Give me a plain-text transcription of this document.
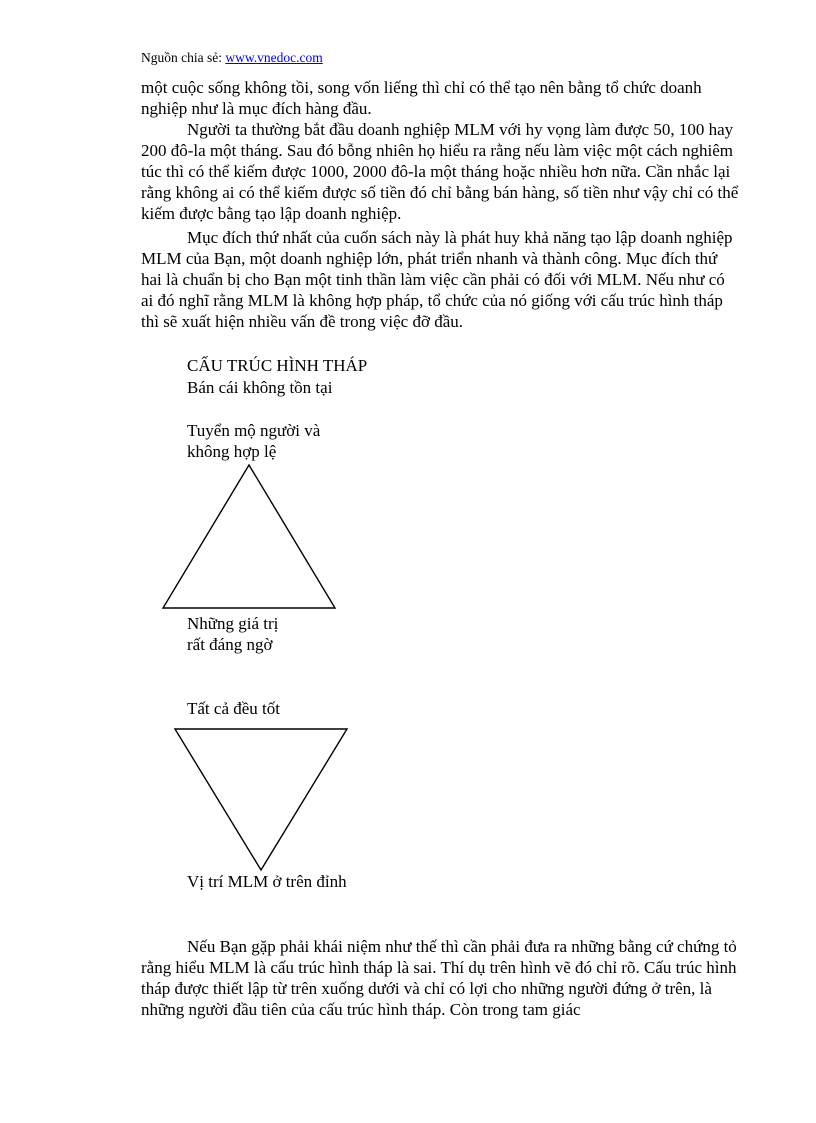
Nguồn chia sẻ: www.vnedoc.com

một cuộc sống không tồi, song vốn liếng thì chỉ có thể tạo nên bằng tổ chức doanh nghiệp như là mục đích hàng đầu.

Người ta thường bắt đầu doanh nghiệp MLM với hy vọng làm được 50, 100 hay 200 đô-la một tháng. Sau đó bỗng nhiên họ hiểu ra rằng nếu làm việc một cách nghiêm túc thì có thể kiếm được 1000, 2000 đô-la một tháng hoặc nhiều hơn nữa. Cần nhắc lại rằng không ai có thể kiếm được số tiền đó chỉ bằng bán hàng, số tiền như vậy chỉ có thể kiếm được bằng tạo lập doanh nghiệp.

Mục đích thứ nhất của cuốn sách này là phát huy khả năng tạo lập doanh nghiệp MLM của Bạn, một doanh nghiệp lớn, phát triển nhanh và thành công. Mục đích thứ hai là chuẩn bị cho Bạn một tinh thần làm việc cần phải có đối với MLM. Nếu như có ai đó nghĩ rằng MLM là không hợp pháp, tổ chức của nó giống với cấu trúc hình tháp thì sẽ xuất hiện nhiều vấn đề trong việc đỡ đầu.

CẤU TRÚC HÌNH THÁP
Bán cái không tồn tại
Tuyển mộ người và
không hợp lệ
Những giá trị
rất đáng ngờ
Tất cả đều tốt
Vị trí MLM ở trên đỉnh

Nếu Bạn gặp phải khái niệm như thế thì cần phải đưa ra những bằng cứ chứng tỏ rằng hiểu MLM là cấu trúc hình tháp là sai. Thí dụ trên hình vẽ đó chỉ rõ. Cấu trúc hình tháp được thiết lập từ trên xuống dưới và chỉ có lợi cho những người đứng ở trên, là những người đầu tiên của cấu trúc hình tháp. Còn trong tam giác
